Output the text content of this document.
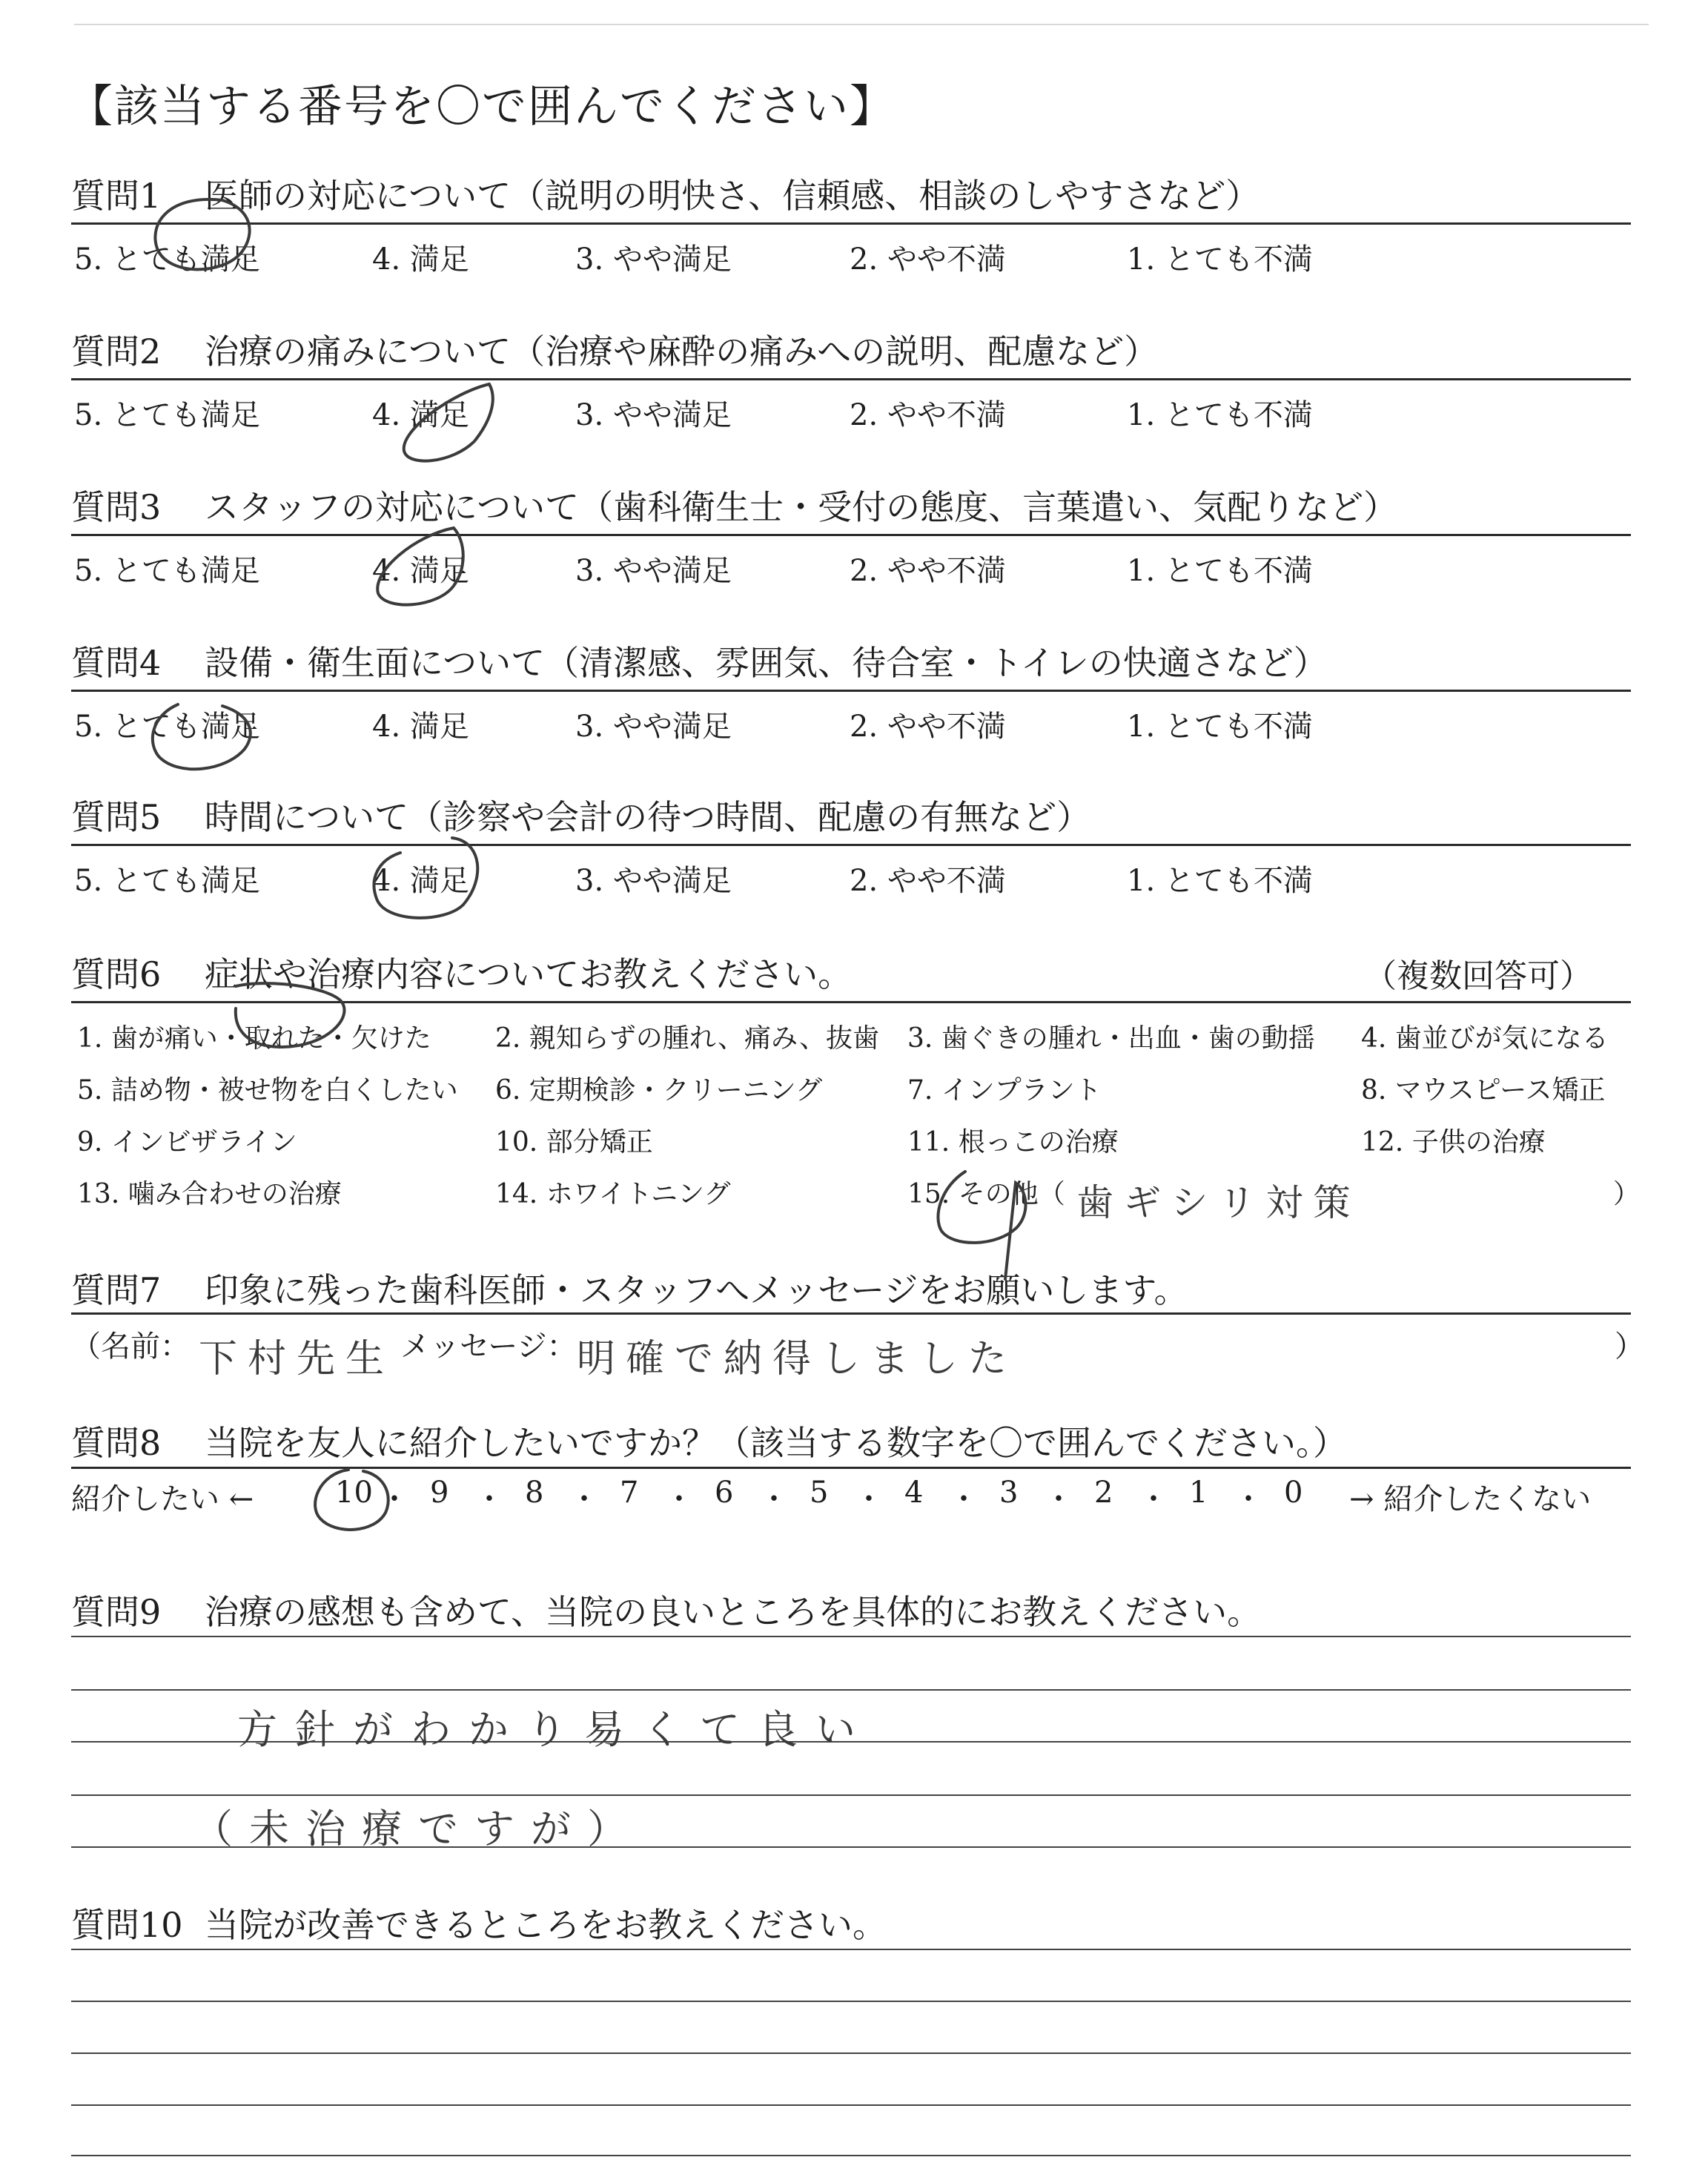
【該当する番号を〇で囲んでください】
質問1 医師の対応について（説明の明快さ、信頼感、相談のしやすさなど）
5. とても満足	4. 満足	3. やや満足	2. やや不満	1. とても不満
質問2 治療の痛みについて（治療や麻酔の痛みへの説明、配慮など）
5. とても満足	4. 満足	3. やや満足	2. やや不満	1. とても不満
質問3 スタッフの対応について（歯科衛生士・受付の態度、言葉遣い、気配りなど）
5. とても満足	4. 満足	3. やや満足	2. やや不満	1. とても不満
質問4 設備・衛生面について（清潔感、雰囲気、待合室・トイレの快適さなど）
5. とても満足	4. 満足	3. やや満足	2. やや不満	1. とても不満
質問5 時間について（診察や会計の待つ時間、配慮の有無など）
5. とても満足	4. 満足	3. やや満足	2. やや不満	1. とても不満
質問6 症状や治療内容についてお教えください。	（複数回答可）
1. 歯が痛い・取れた・欠けた 2. 親知らずの腫れ、痛み、抜歯 3. 歯ぐきの腫れ・出血・歯の動揺 4. 歯並びが気になる
5. 詰め物・被せ物を白くしたい 6. 定期検診・クリーニング	7. インプラント	8. マウスピース矯正
9. インビザライン	10. 部分矯正	11. 根っこの治療	12. 子供の治療
13. 噛み合わせの治療	14. ホワイトニング	15. その他（	）
歯ギシリ対策
質問7 印象に残った歯科医師・スタッフへメッセージをお願いします。
（名前： 下村先生 メッセージ： 明確で納得しました	）
質問8 当院を友人に紹介したいですか？（該当する数字を〇で囲んでください。）
紹介したい ←	10 ・ 9 ・ 8 ・ 7 ・ 6 ・ 5 ・ 4 ・ 3 ・ 2 ・ 1 ・ 0 → 紹介したくない
質問9 治療の感想も含めて、当院の良いところを具体的にお教えください。
方針がわかり易くて良い
（未治療ですが）
質問10 当院が改善できるところをお教えください。
